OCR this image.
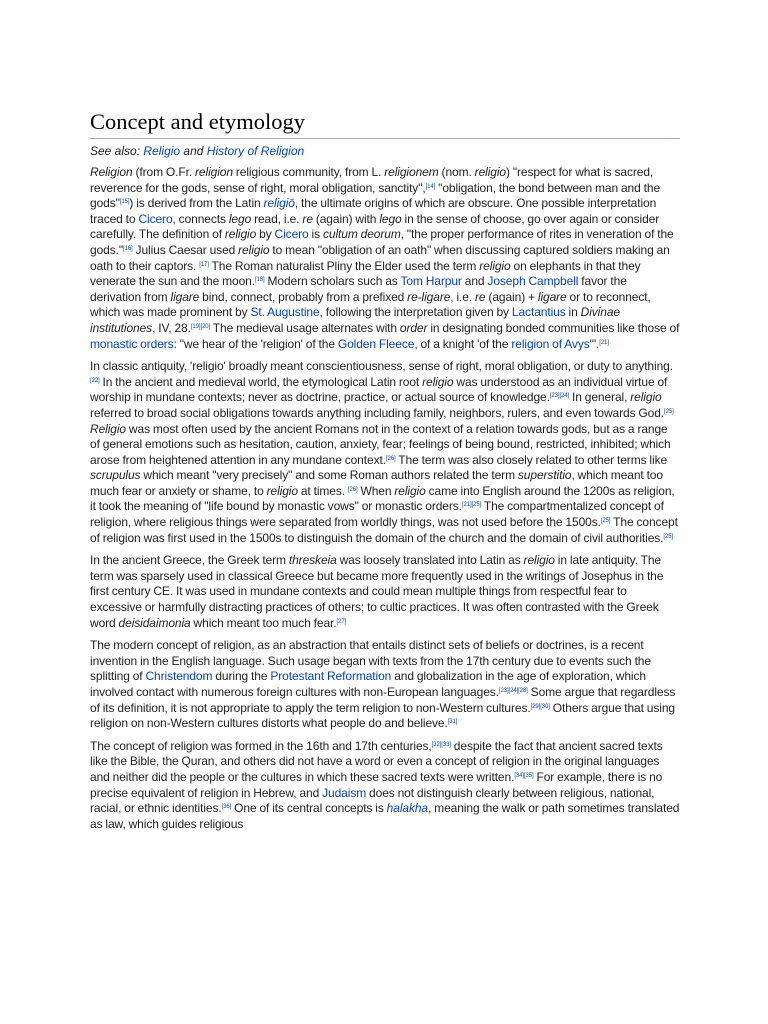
Concept and etymology
See also: Religio and History of Religion

Religion (from O.Fr. religion religious community, from L. religionem (nom. religio) "respect for what is sacred, reverence for the gods, sense of right, moral obligation, sanctity",[14] "obligation, the bond between man and the gods"[15]) is derived from the Latin religiō, the ultimate origins of which are obscure. One possible interpretation traced to Cicero, connects lego read, i.e. re (again) with lego in the sense of choose, go over again or consider carefully. The definition of religio by Cicero is cultum deorum, "the proper performance of rites in veneration of the gods."[16] Julius Caesar used religio to mean "obligation of an oath" when discussing captured soldiers making an oath to their captors. [17] The Roman naturalist Pliny the Elder used the term religio on elephants in that they venerate the sun and the moon.[18] Modern scholars such as Tom Harpur and Joseph Campbell favor the derivation from ligare bind, connect, probably from a prefixed re-ligare, i.e. re (again) + ligare or to reconnect, which was made prominent by St. Augustine, following the interpretation given by Lactantius in Divinae institutiones, IV, 28.[19][20] The medieval usage alternates with order in designating bonded communities like those of monastic orders: "we hear of the 'religion' of the Golden Fleece, of a knight 'of the religion of Avys'".[21]

In classic antiquity, 'religio' broadly meant conscientiousness, sense of right, moral obligation, or duty to anything.[22] In the ancient and medieval world, the etymological Latin root religio was understood as an individual virtue of worship in mundane contexts; never as doctrine, practice, or actual source of knowledge.[23][24] In general, religio referred to broad social obligations towards anything including family, neighbors, rulers, and even towards God.[25] Religio was most often used by the ancient Romans not in the context of a relation towards gods, but as a range of general emotions such as hesitation, caution, anxiety, fear; feelings of being bound, restricted, inhibited; which arose from heightened attention in any mundane context.[26] The term was also closely related to other terms like scrupulus which meant "very precisely" and some Roman authors related the term superstitio, which meant too much fear or anxiety or shame, to religio at times. [26] When religio came into English around the 1200s as religion, it took the meaning of "life bound by monastic vows" or monastic orders.[21][25] The compartmentalized concept of religion, where religious things were separated from worldly things, was not used before the 1500s.[25] The concept of religion was first used in the 1500s to distinguish the domain of the church and the domain of civil authorities.[25]

In the ancient Greece, the Greek term threskeia was loosely translated into Latin as religio in late antiquity. The term was sparsely used in classical Greece but became more frequently used in the writings of Josephus in the first century CE. It was used in mundane contexts and could mean multiple things from respectful fear to excessive or harmfully distracting practices of others; to cultic practices. It was often contrasted with the Greek word deisidaimonia which meant too much fear.[27]

The modern concept of religion, as an abstraction that entails distinct sets of beliefs or doctrines, is a recent invention in the English language. Such usage began with texts from the 17th century due to events such the splitting of Christendom during the Protestant Reformation and globalization in the age of exploration, which involved contact with numerous foreign cultures with non-European languages.[23][24][28] Some argue that regardless of its definition, it is not appropriate to apply the term religion to non-Western cultures.[29][30] Others argue that using religion on non-Western cultures distorts what people do and believe.[31]

The concept of religion was formed in the 16th and 17th centuries,[32][33] despite the fact that ancient sacred texts like the Bible, the Quran, and others did not have a word or even a concept of religion in the original languages and neither did the people or the cultures in which these sacred texts were written.[34][35] For example, there is no precise equivalent of religion in Hebrew, and Judaism does not distinguish clearly between religious, national, racial, or ethnic identities.[36] One of its central concepts is halakha, meaning the walk or path sometimes translated as law, which guides religious
